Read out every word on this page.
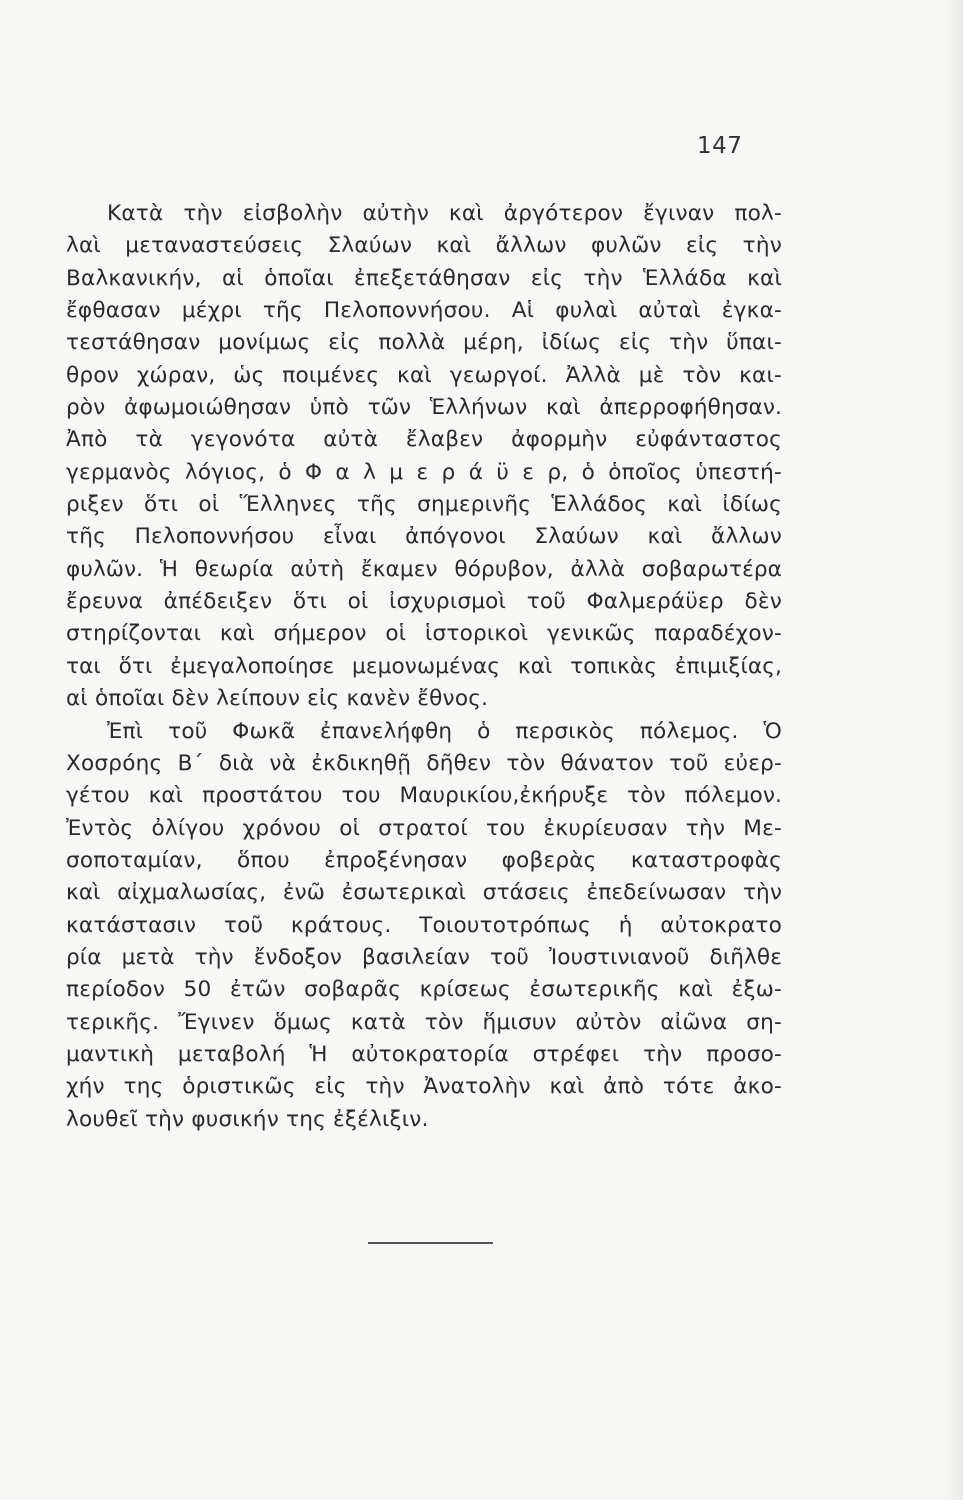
147
Κατὰ τὴν εἰσβολὴν αὐτὴν καὶ ἀργότερον ἔγιναν πολ-
λαὶ μεταναστεύσεις Σλαύων καὶ ἄλλων φυλῶν εἰς τὴν
Βαλκανικήν, αἱ ὁποῖαι ἐπεξετάθησαν εἰς τὴν Ἑλλάδα καὶ
ἔφθασαν μέχρι τῆς Πελοποννήσου. Αἱ φυλαὶ αὐταὶ ἐγκα-
τεστάθησαν μονίμως εἰς πολλὰ μέρη, ἰδίως εἰς τὴν ὕπαι-
θρον χώραν, ὡς ποιμένες καὶ γεωργοί. Ἀλλὰ μὲ τὸν και-
ρὸν ἀφωμοιώθησαν ὑπὸ τῶν Ἑλλήνων καὶ ἀπερροφήθησαν.
Ἀπὸ τὰ γεγονότα αὐτὰ ἔλαβεν ἀφορμὴν εὐφάνταστος
γερμανὸς λόγιος, ὁ Φ α λ μ ε ρ ά ϋ ε ρ, ὁ ὁποῖος ὑπεστή-
ριξεν ὅτι οἱ Ἕλληνες τῆς σημερινῆς Ἑλλάδος καὶ ἰδίως
τῆς Πελοποννήσου εἶναι ἀπόγονοι Σλαύων καὶ ἄλλων
φυλῶν. Ἡ θεωρία αὐτὴ ἔκαμεν θόρυβον, ἀλλὰ σοβαρωτέρα
ἔρευνα ἀπέδειξεν ὅτι οἱ ἰσχυρισμοὶ τοῦ Φαλμεράϋερ δὲν
στηρίζονται καὶ σήμερον οἱ ἱστορικοὶ γενικῶς παραδέχον-
ται ὅτι ἐμεγαλοποίησε μεμονωμένας καὶ τοπικὰς ἐπιμιξίας,
αἱ ὁποῖαι δὲν λείπουν εἰς κανὲν ἔθνος.
Ἐπὶ τοῦ Φωκᾶ ἐπανελήφθη ὁ περσικὸς πόλεμος. Ὁ
Χοσρόης Β΄ διὰ νὰ ἐκδικηθῇ δῆθεν τὸν θάνατον τοῦ εὐερ-
γέτου καὶ προστάτου του Μαυρικίου,ἐκήρυξε τὸν πόλεμον.
Ἐντὸς ὀλίγου χρόνου οἱ στρατοί του ἐκυρίευσαν τὴν Με-
σοποταμίαν, ὅπου ἐπροξένησαν φοβερὰς καταστροφὰς
καὶ αἰχμαλωσίας, ἐνῶ ἐσωτερικαὶ στάσεις ἐπεδείνωσαν τὴν
κατάστασιν τοῦ κράτους. Τοιουτοτρόπως ἡ αὐτοκρατο
ρία μετὰ τὴν ἔνδοξον βασιλείαν τοῦ Ἰουστινιανοῦ διῆλθε
περίοδον 50 ἐτῶν σοβαρᾶς κρίσεως ἐσωτερικῆς καὶ ἐξω-
τερικῆς. Ἔγινεν ὅμως κατὰ τὸν ἥμισυν αὐτὸν αἰῶνα ση-
μαντικὴ μεταβολή Ἡ αὐτοκρατορία στρέφει τὴν προσο-
χήν της ὁριστικῶς εἰς τὴν Ἀνατολὴν καὶ ἀπὸ τότε ἀκο-
λουθεῖ τὴν φυσικήν της ἐξέλιξιν.
